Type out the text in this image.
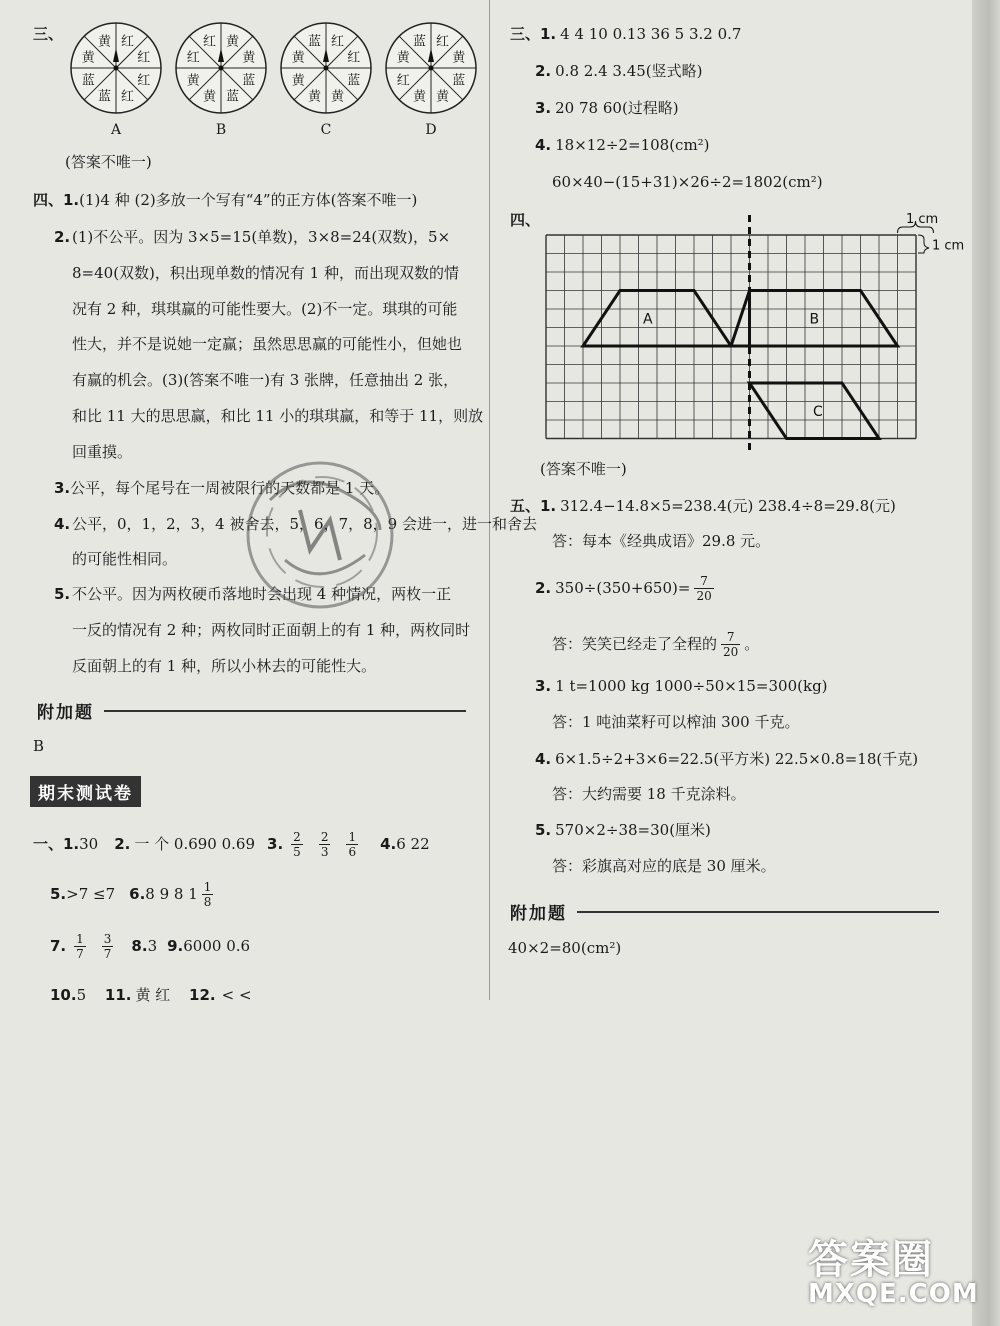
三、	红
红
红
红
蓝
蓝
黄
黄
A
黄
黄
蓝
蓝
黄
黄
红
红
B
红
红
蓝
黄
黄
黄
黄
蓝
C
红
黄
蓝
黄
黄
红
黄
蓝
D
(答案不唯一)
四、1.(1)4 种 (2)多放一个写有“4”的正方体(答案不唯一)
2. (1)不公平。因为 3×5=15(单数)，3×8=24(双数)，5×
8=40(双数)，积出现单数的情况有 1 种，而出现双数的情
况有 2 种，琪琪赢的可能性要大。(2)不一定。琪琪的可能
性大，并不是说她一定赢；虽然思思赢的可能性小，但她也
有赢的机会。(3)(答案不唯一)有 3 张牌，任意抽出 2 张，
和比 11 大的思思赢，和比 11 小的琪琪赢，和等于 11，则放
回重摸。
3.公平，每个尾号在一周被限行的天数都是 1 天。
4. 公平，0，1，2，3，4 被舍去，5，6，7，8，9 会进一，进一和舍去
的可能性相同。
5. 不公平。因为两枚硬币落地时会出现 4 种情况，两枚一正
一反的情况有 2 种；两枚同时正面朝上的有 1 种，两枚同时
反面朝上的有 1 种，所以小林去的可能性大。
附加题
B
期末测试卷
一、1. 30 2. 一 个 0.690 0.69 3. $\frac{2}{5} \frac{2}{3} \frac{1}{6} 4$. 6 22
5. >7 ≤7 6. 8 9 8 $1 \frac{1}{8}$
7. $\frac{1}{7} \frac{3}{7} 8$. 3 9. 6000 0.6
10.5 11. 黄 红 12. < <
三、1. 4 4 10 0.13 36 5 3.2 0.7
2. 0.8 2.4 3.45(竖式略)
3. 20 78 60(过程略)
4. 18×12÷2=108(cm²)
60×40−(15+31)×26÷2=1802(cm²)
四、
A	B
C
1 cm
1 cm
(答案不唯一)
五、1. 312.4−14.8×5=238.4(元) 238.4÷8=29.8(元)
答：每本《经典成语》29.8 元。
2. $350\div(350+650)= \frac{7}{20}$
答：笑笑已经走了全程的 $\frac{7}{20}$ 。
3. 1 t=1000 kg 1000÷50×15=300(kg)
答：1 吨油菜籽可以榨油 300 千克。
4. 6×1.5÷2+3×6=22.5(平方米) 22.5×0.8=18(千克)
答：大约需要 18 千克涂料。
5. 570×2÷38=30(厘米)
答：彩旗高对应的底是 30 厘米。
附加题
40×2=80(cm²)
答案圈
MXQE.COM
